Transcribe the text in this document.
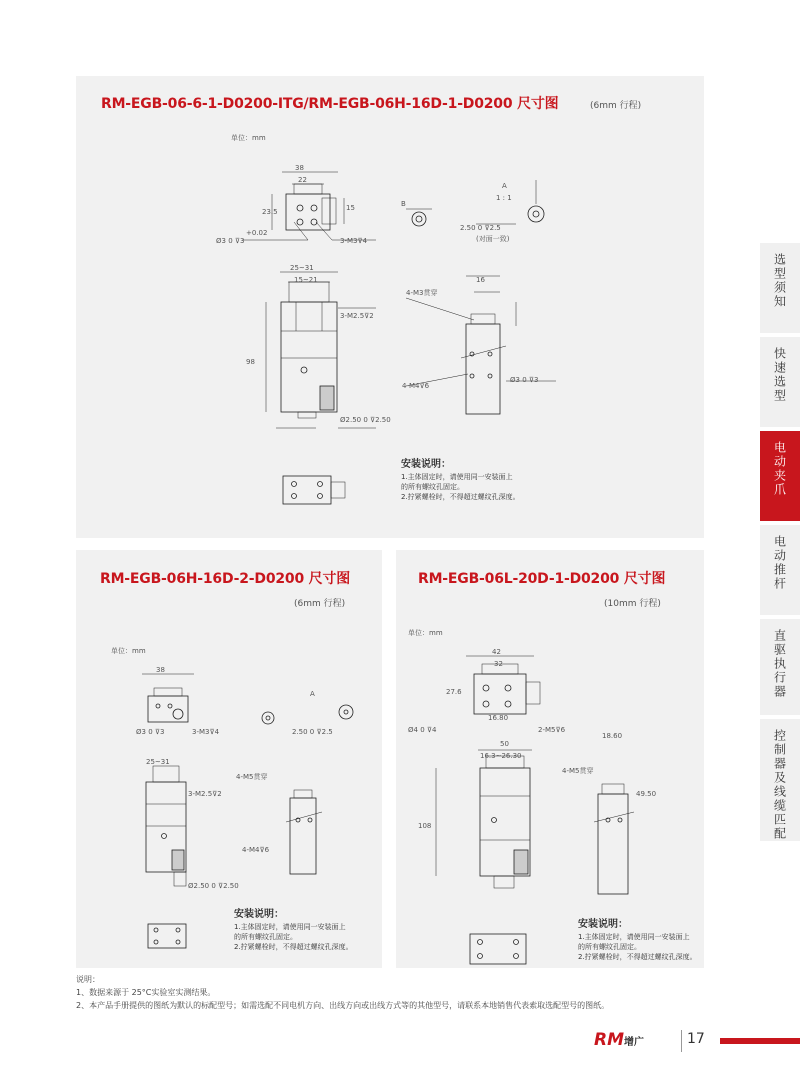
RM-EGB-06-6-1-D0200-ITG/RM-EGB-06H-16D-1-D0200 尺寸图	(6mm 行程)
单位：mm
38
22
23.5	15
+0.02
Ø3 0 ⊽3	3-M3⊽4
B
A
1 : 1
2.50 0 ⊽2.5
(对面一致)
25~31
15~21
98
3-M2.5⊽2
Ø2.50 0 ⊽2.50
4-M3贯穿
16
4-M4⊽6
Ø3 0 ⊽3
安装说明：
1.主体固定时，请使用同一安装面上
的所有螺纹孔固定。
2.拧紧螺栓时，不得超过螺纹孔深度。
RM-EGB-06H-16D-2-D0200 尺寸图
(6mm 行程)
单位：mm
38
Ø3 0 ⊽3	3-M3⊽4
A
2.50 0 ⊽2.5
25~31
3-M2.5⊽2
Ø2.50 0 ⊽2.50
4-M5贯穿
4-M4⊽6
安装说明：
1.主体固定时，请使用同一安装面上
的所有螺纹孔固定。
2.拧紧螺栓时，不得超过螺纹孔深度。
RM-EGB-06L-20D-1-D0200 尺寸图
(10mm 行程)
单位：mm
42
32
27.6
16.80
Ø4 0 ⊽4	2-M5⊽6
16.3~26.30
50
108
18.60
4-M5贯穿
49.50
安装说明：
1.主体固定时，请使用同一安装面上
的所有螺纹孔固定。
2.拧紧螺栓时，不得超过螺纹孔深度。
说明：
1、数据来源于 25°C实验室实测结果。
2、本产品手册提供的图纸为默认的标配型号；如需选配不同电机方向、出线方向或出线方式等的其他型号，请联系本地销售代表索取选配型号的图纸。
选型须知
快速选型
电动夹爪
电动推杆
直驱执行器
控制器及线缆匹配
RM增广	17
